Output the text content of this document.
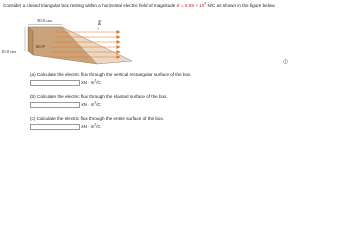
Consider a closed triangular box resting within a horizontal electric field of magnitude $E = 6.59 \times 10^4$ N/C as shown in the figure below.
30.0 cm
10.0 cm
60.0°
E
(a) Calculate the electric flux through the vertical rectangular surface of the box.
kN · $m^2/C$
(b) Calculate the electric flux through the slanted surface of the box.
kN · $m^2/C$
(c) Calculate the electric flux through the entire surface of the box.
kN · $m^2/C$
